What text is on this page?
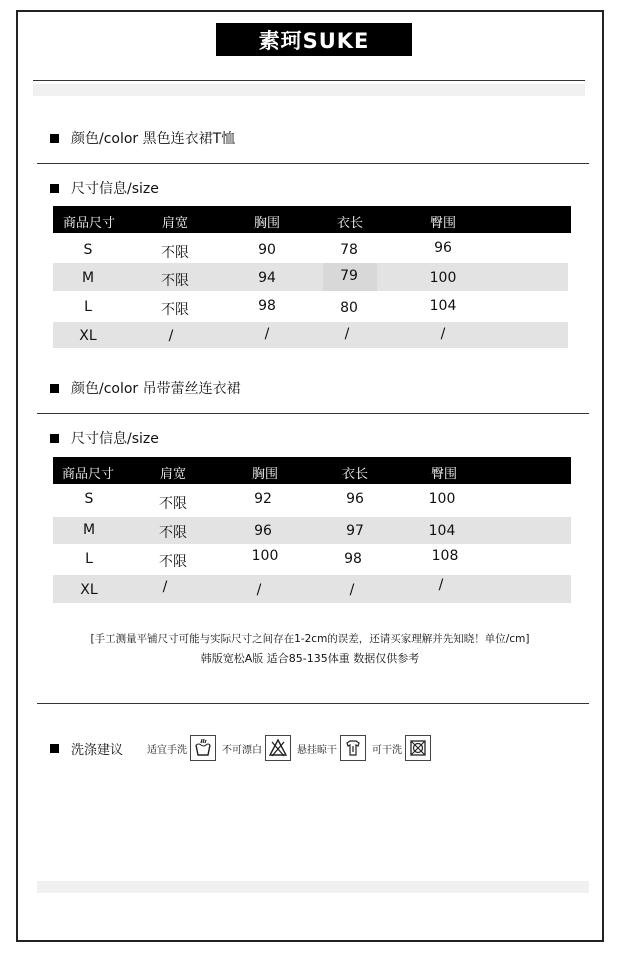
素珂SUKE
颜色/color 黑色连衣裙T恤
尺寸信息/size
商品尺寸	肩宽	胸围	衣长	臀围
S	不限	90	78	96
M	不限	94	79	100
L	不限	98	80	104
XL	/	/	/	/
颜色/color 吊带蕾丝连衣裙
尺寸信息/size
商品尺寸	肩宽	胸围	衣长	臀围
S	不限	92	96	100
M	不限	96	97	104
L	不限	100	98	108
XL	/	/	/	/
[手工测量平铺尺寸可能与实际尺寸之间存在1-2cm的误差，还请买家理解并先知晓！单位/cm]
韩版宽松A版 适合85-135体重 数据仅供参考
洗涤建议 适宜手洗	不可漂白	悬挂晾干	可干洗
